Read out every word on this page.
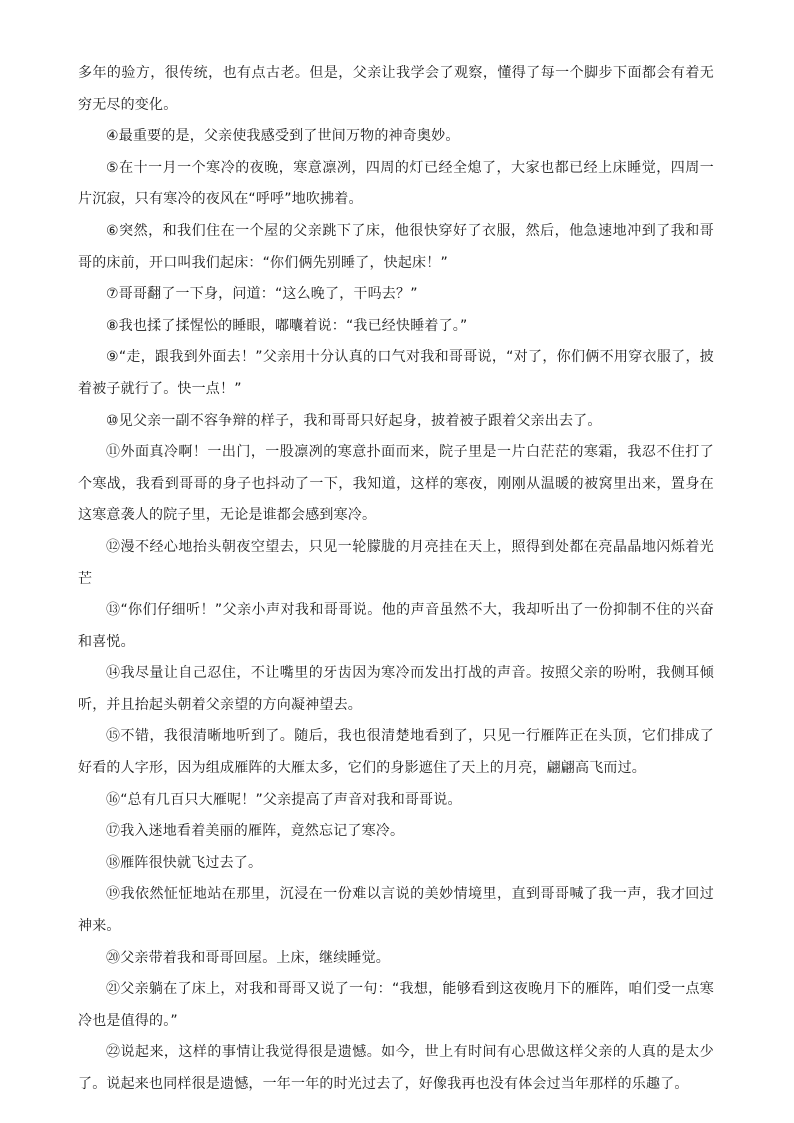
多年的验方，很传统，也有点古老。但是，父亲让我学会了观察，懂得了每一个脚步下面都会有着无穷无尽的变化。

④最重要的是，父亲使我感受到了世间万物的神奇奥妙。

⑤在十一月一个寒冷的夜晚，寒意凛冽，四周的灯已经全熄了，大家也都已经上床睡觉，四周一片沉寂，只有寒冷的夜风在“呼呼”地吹拂着。

⑥突然，和我们住在一个屋的父亲跳下了床，他很快穿好了衣服，然后，他急速地冲到了我和哥哥的床前，开口叫我们起床：“你们俩先别睡了，快起床！”

⑦哥哥翻了一下身，问道：“这么晚了，干吗去？”

⑧我也揉了揉惺忪的睡眼，嘟囔着说：“我已经快睡着了。”

⑨“走，跟我到外面去！”父亲用十分认真的口气对我和哥哥说，“对了，你们俩不用穿衣服了，披着被子就行了。快一点！”

⑩见父亲一副不容争辩的样子，我和哥哥只好起身，披着被子跟着父亲出去了。

⑪外面真冷啊！一出门，一股凛冽的寒意扑面而来，院子里是一片白茫茫的寒霜，我忍不住打了个寒战，我看到哥哥的身子也抖动了一下，我知道，这样的寒夜，刚刚从温暖的被窝里出来，置身在这寒意袭人的院子里，无论是谁都会感到寒冷。

⑫漫不经心地抬头朝夜空望去，只见一轮朦胧的月亮挂在天上，照得到处都在亮晶晶地闪烁着光芒

⑬“你们仔细听！”父亲小声对我和哥哥说。他的声音虽然不大，我却听出了一份抑制不住的兴奋和喜悦。

⑭我尽量让自己忍住，不让嘴里的牙齿因为寒冷而发出打战的声音。按照父亲的吩咐，我侧耳倾听，并且抬起头朝着父亲望的方向凝神望去。

⑮不错，我很清晰地听到了。随后，我也很清楚地看到了，只见一行雁阵正在头顶，它们排成了好看的人字形，因为组成雁阵的大雁太多，它们的身影遮住了天上的月亮，翩翩高飞而过。

⑯“总有几百只大雁呢！”父亲提高了声音对我和哥哥说。

⑰我入迷地看着美丽的雁阵，竟然忘记了寒冷。

⑱雁阵很快就飞过去了。

⑲我依然怔怔地站在那里，沉浸在一份难以言说的美妙情境里，直到哥哥喊了我一声，我才回过神来。

⑳父亲带着我和哥哥回屋。上床，继续睡觉。

㉑父亲躺在了床上，对我和哥哥又说了一句：“我想，能够看到这夜晚月下的雁阵，咱们受一点寒冷也是值得的。”

㉒说起来，这样的事情让我觉得很是遗憾。如今，世上有时间有心思做这样父亲的人真的是太少了。说起来也同样很是遗憾，一年一年的时光过去了，好像我再也没有体会过当年那样的乐趣了。
